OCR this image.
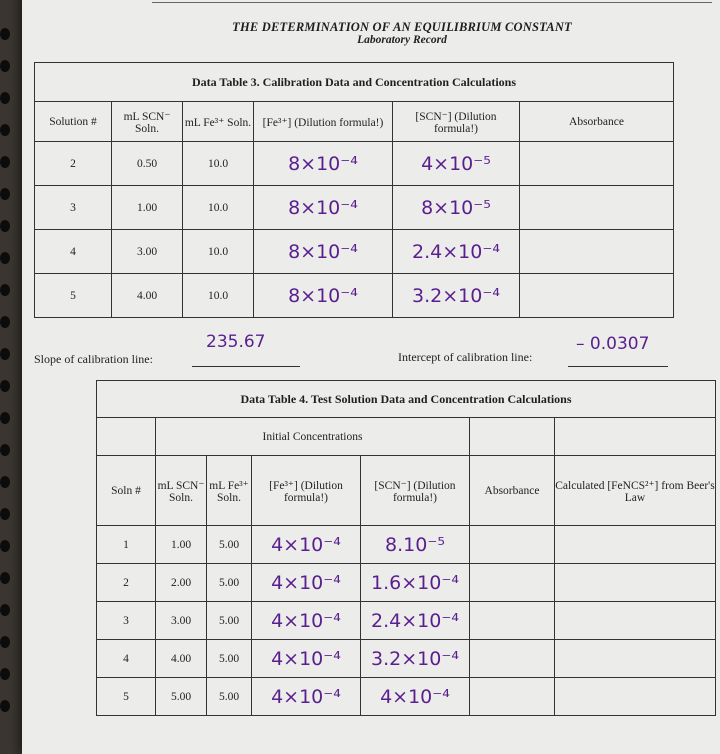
THE DETERMINATION OF AN EQUILIBRIUM CONSTANT
Laboratory Record
Data Table 3. Calibration Data and Concentration Calculations					
Solution #	mL SCN⁻ Soln.	mL Fe³⁺ Soln.	[Fe³⁺] (Dilution formula!)	[SCN⁻] (Dilution formula!)	Absorbance
2	0.50	10.0	8×10⁻⁴	4×10⁻⁵	
3	1.00	10.0	8×10⁻⁴	8×10⁻⁵	
4	3.00	10.0	8×10⁻⁴	2.4×10⁻⁴	
5	4.00	10.0	8×10⁻⁴	3.2×10⁻⁴	
Slope of calibration line:
235.67
Intercept of calibration line:
– 0.0307
Data Table 4. Test Solution Data and Concentration Calculations						
	Initial Concentrations					
Soln #	mL SCN⁻ Soln.	mL Fe³⁺ Soln.	[Fe³⁺] (Dilution formula!)	[SCN⁻] (Dilution formula!)	Absorbance	Calculated [FeNCS²⁺] from Beer's Law
1	1.00	5.00	4×10⁻⁴	8.10⁻⁵		
2	2.00	5.00	4×10⁻⁴	1.6×10⁻⁴		
3	3.00	5.00	4×10⁻⁴	2.4×10⁻⁴		
4	4.00	5.00	4×10⁻⁴	3.2×10⁻⁴		
5	5.00	5.00	4×10⁻⁴	4×10⁻⁴		
